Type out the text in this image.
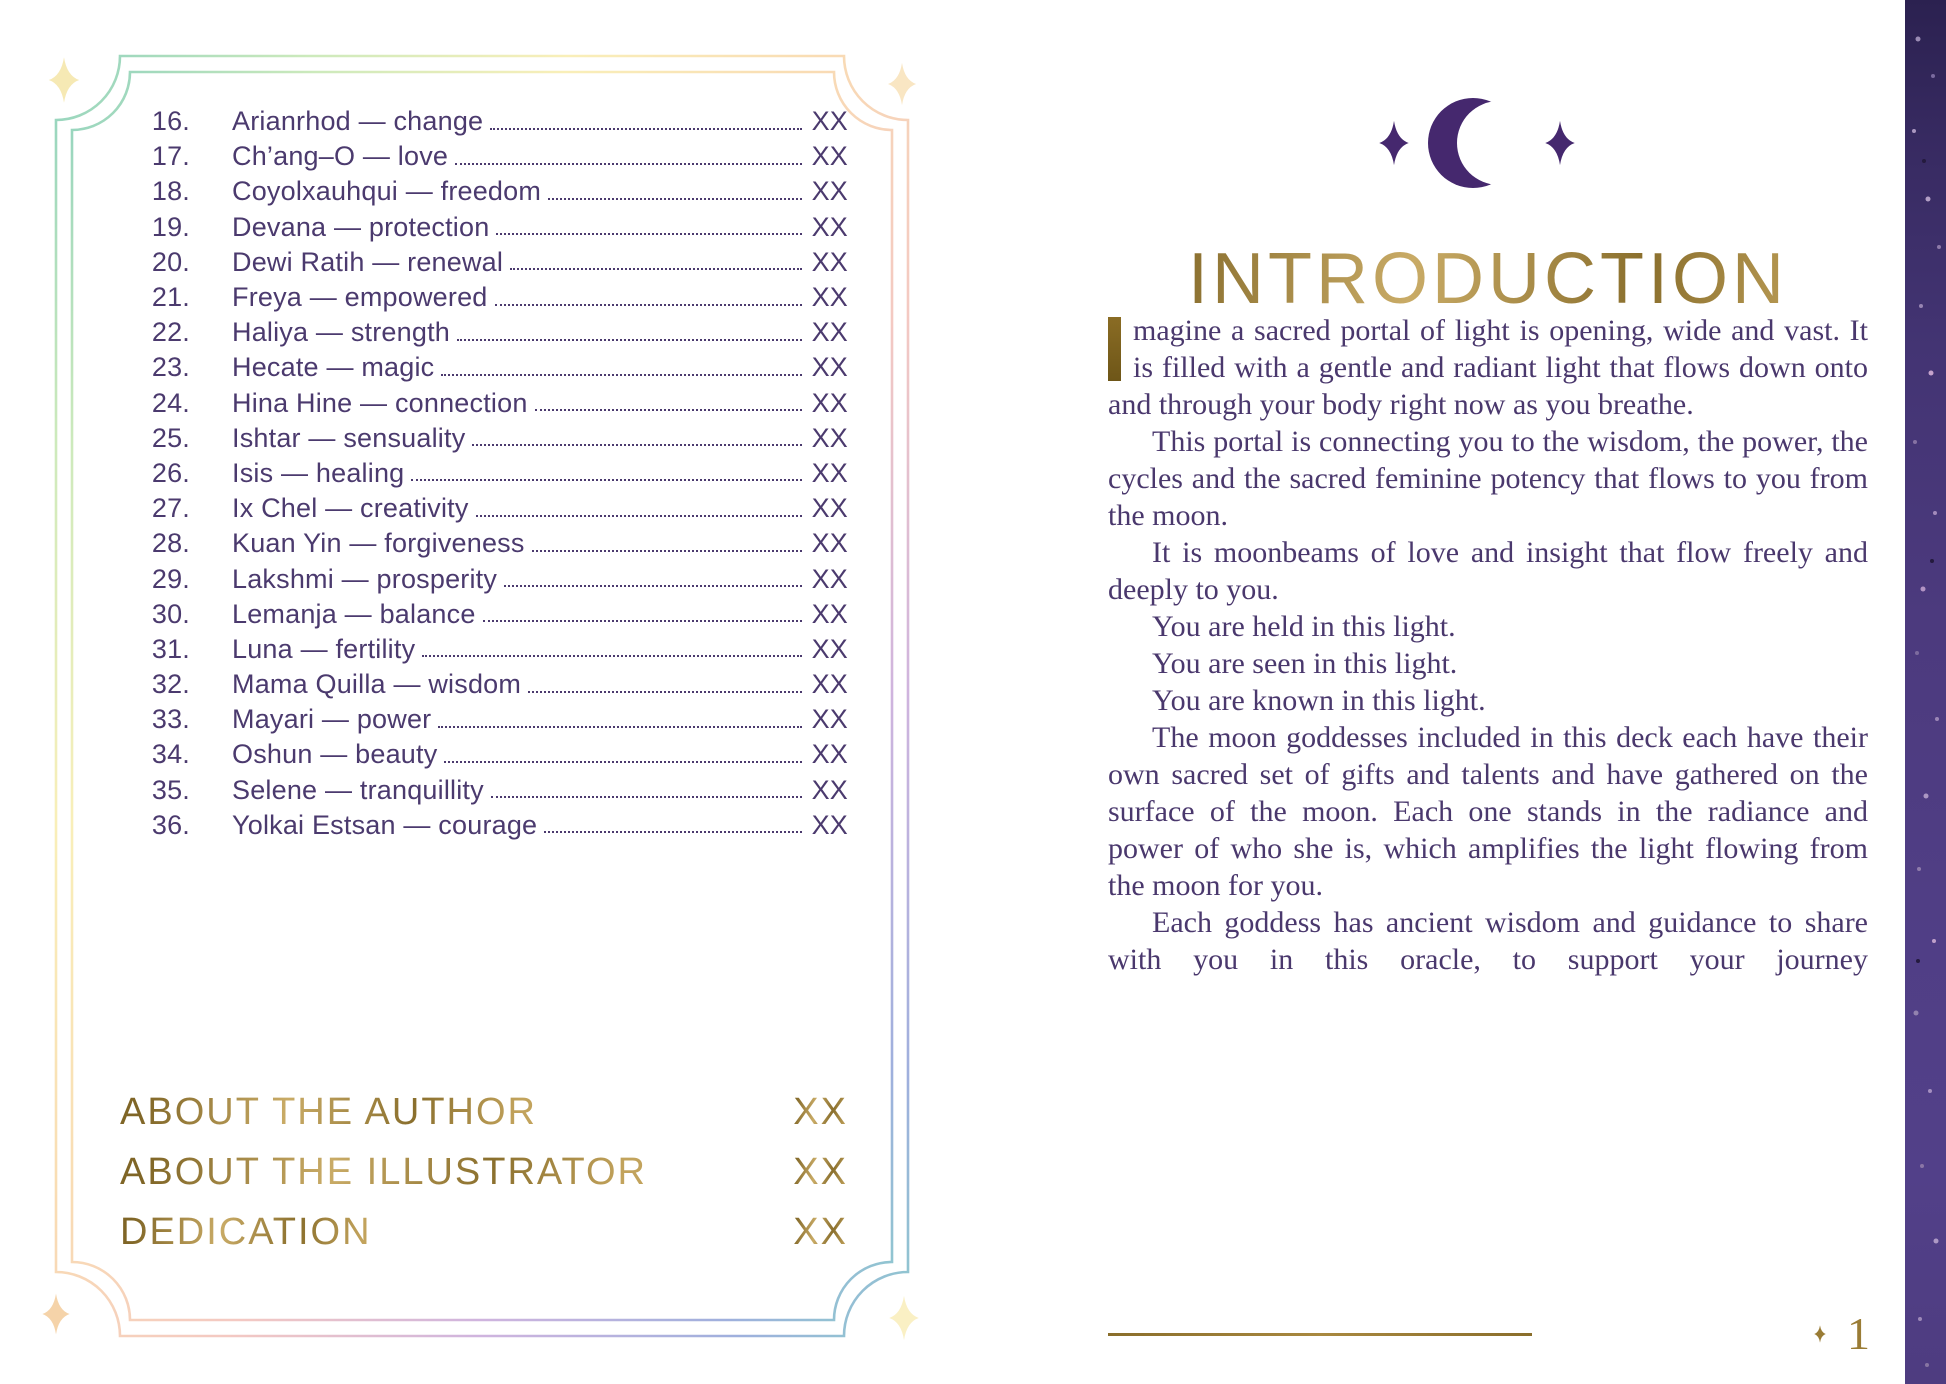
16. Arianrhod — change	XX
17. Ch’ang–O — love	XX
18. Coyolxauhqui — freedom	XX
19. Devana — protection	XX
20. Dewi Ratih — renewal	XX
21. Freya — empowered	XX
22. Haliya — strength	XX
23. Hecate — magic	XX
24. Hina Hine — connection	XX
25. Ishtar — sensuality	XX
26. Isis — healing	XX
27. Ix Chel — creativity	XX
28. Kuan Yin — forgiveness	XX
29. Lakshmi — prosperity	XX
30. Lemanja — balance	XX
31. Luna — fertility	XX
32. Mama Quilla — wisdom	XX
33. Mayari — power	XX
34. Oshun — beauty	XX
35. Selene — tranquillity	XX
36. Yolkai Estsan — courage	XX
ABOUT THE AUTHOR	XX
ABOUT THE ILLUSTRATOR	XX
DEDICATION	XX
INTRODUCTION

magine a sacred portal of light is opening, wide and vast. It is filled with a gentle and radiant light that flows down onto and through your body right now as you breathe.

This portal is connecting you to the wisdom, the power, the cycles and the sacred feminine potency that flows to you from the moon.

It is moonbeams of love and insight that flow freely and deeply to you.

You are held in this light.

You are seen in this light.

You are known in this light.

The moon goddesses included in this deck each have their own sacred set of gifts and talents and have gathered on the surface of the moon. Each one stands in the radiance and power of who she is, which amplifies the light flowing from the moon for you.

Each goddess has ancient wisdom and guidance to share with you in this oracle, to support your journey

1
